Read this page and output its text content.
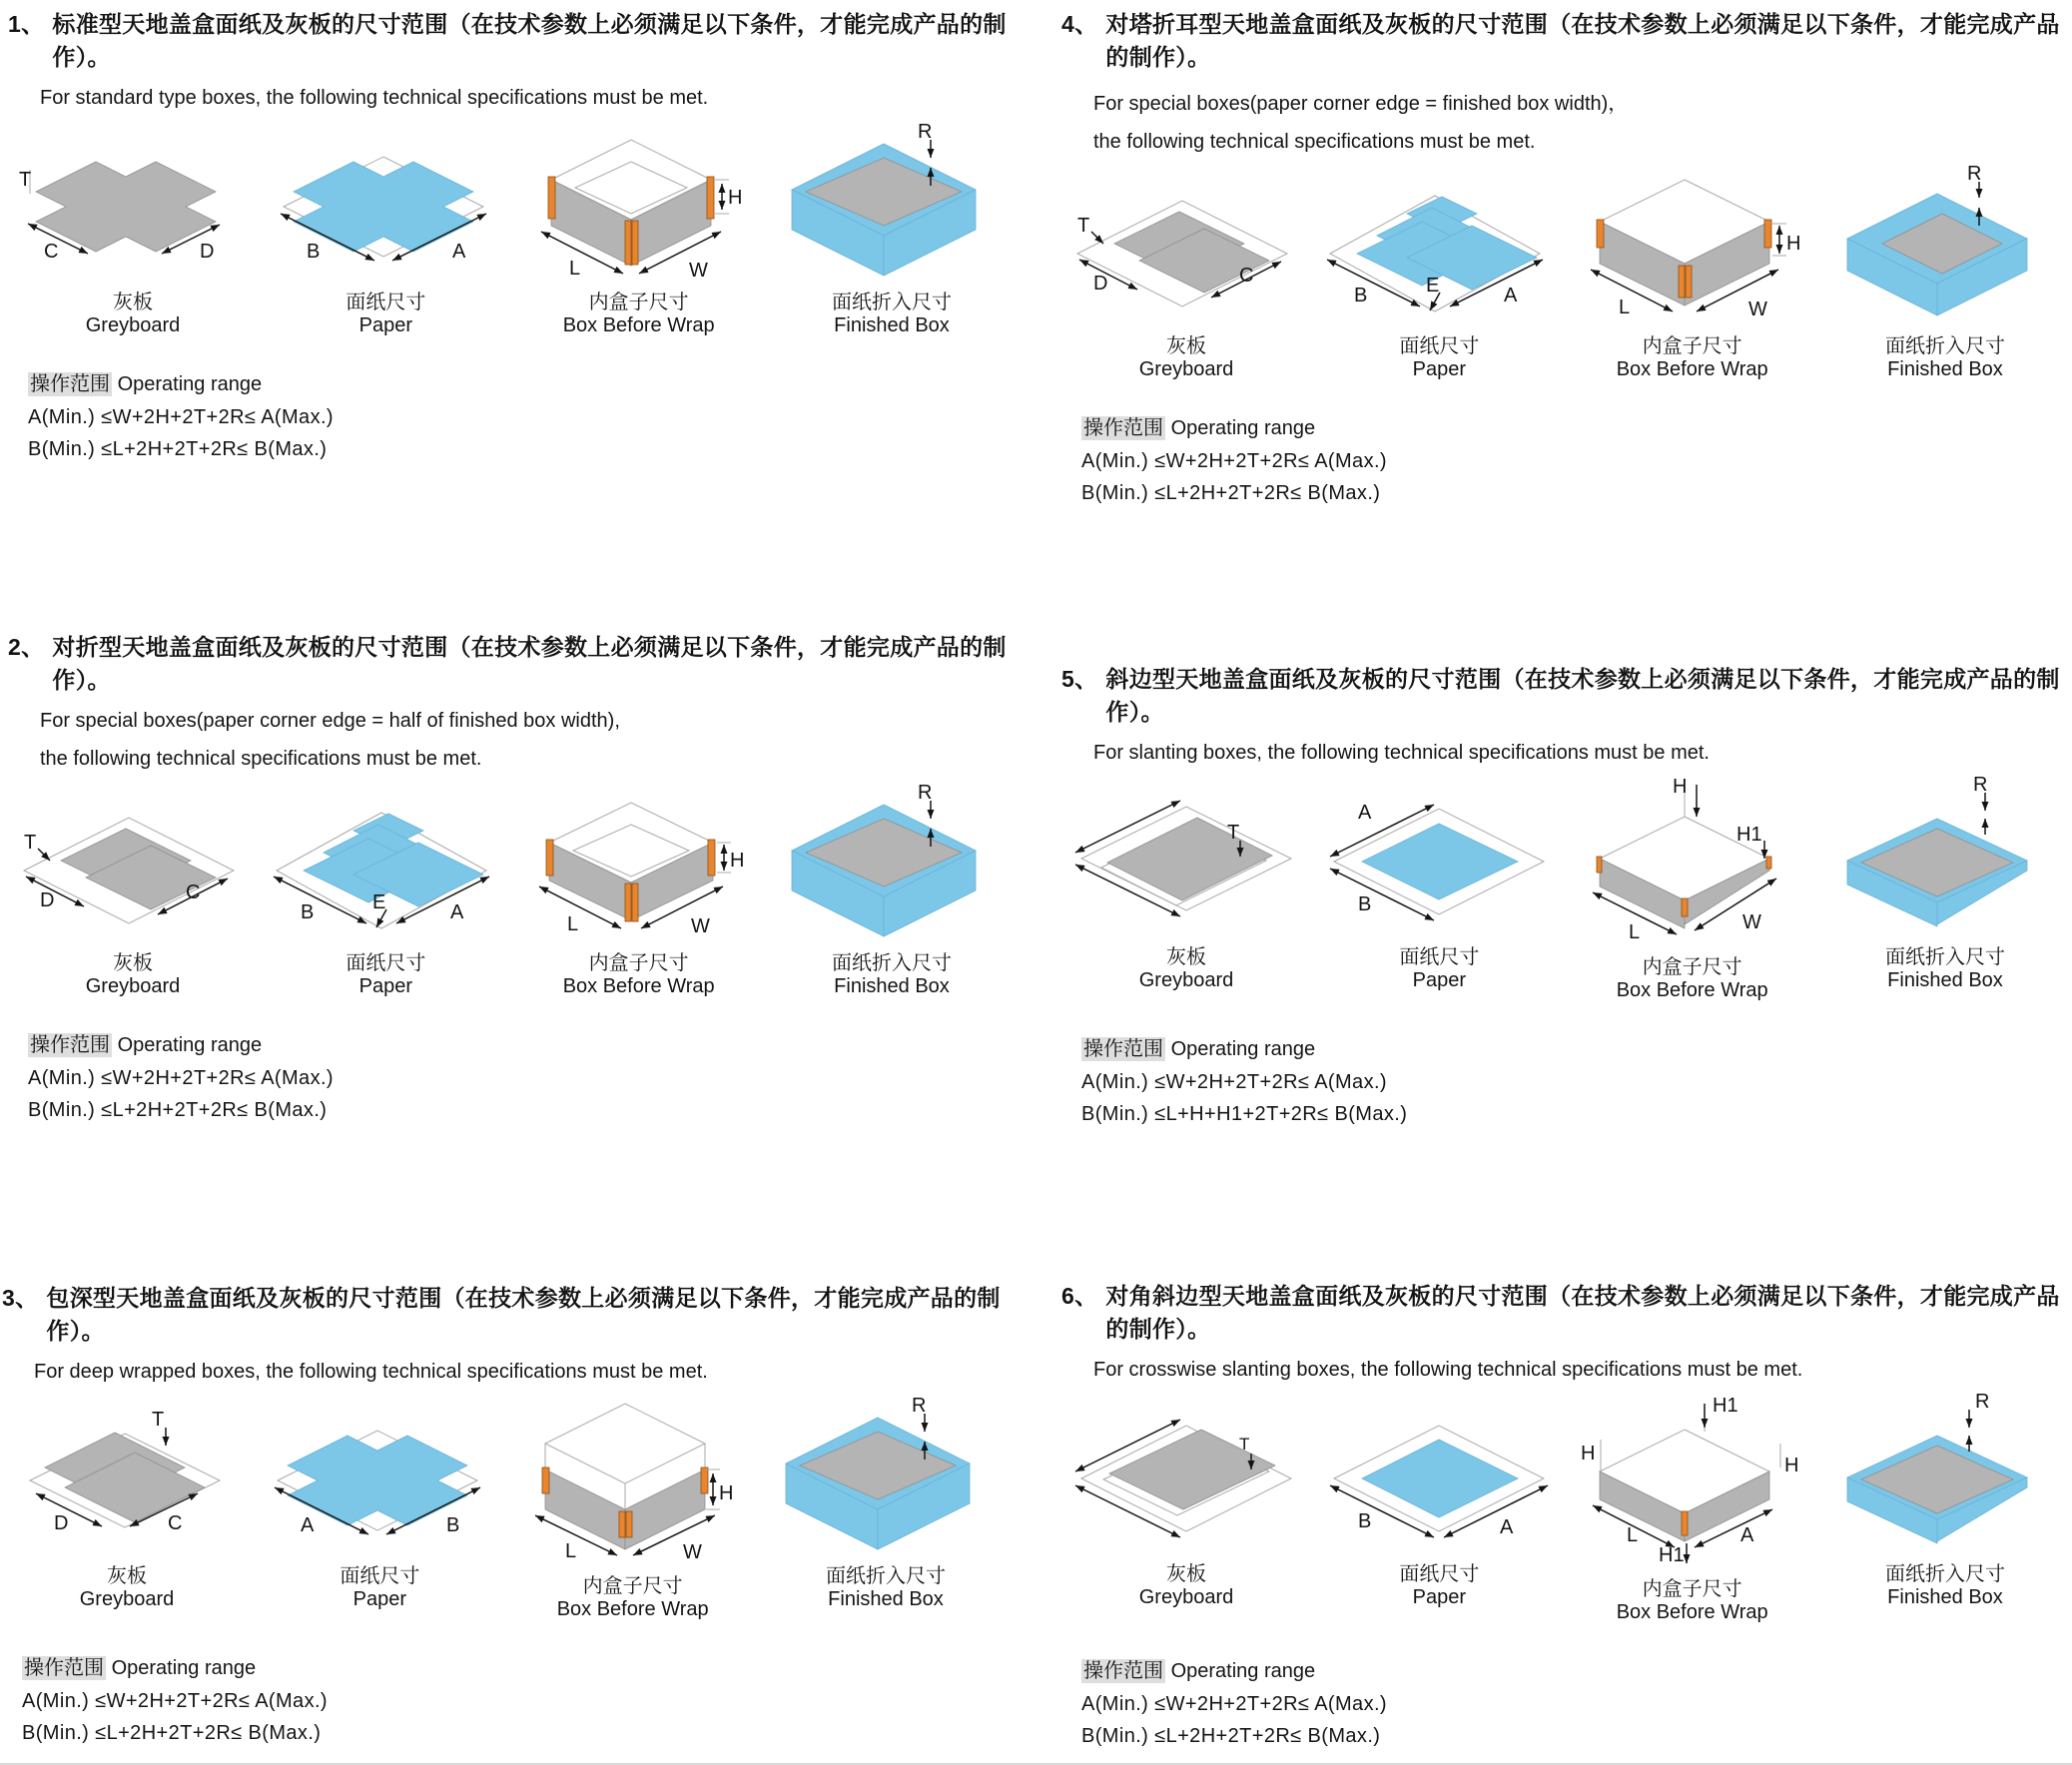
1、 标准型天地盖盒面纸及灰板的尺寸范围（在技术参数上必须满足以下条件，才能完成产品的制作）。
For standard type boxes, the following technical specifications must be met.
T
C	D
灰板
Greyboard
B	A
面纸尺寸
Paper
H
L	W
内盒子尺寸
Box Before Wrap
R
面纸折入尺寸
Finished Box
操作范围 Operating range
A(Min.) ≤W+2H+2T+2R≤ A(Max.)
B(Min.) ≤L+2H+2T+2R≤ B(Max.)
2、 对折型天地盖盒面纸及灰板的尺寸范围（在技术参数上必须满足以下条件，才能完成产品的制作）。
For special boxes(paper corner edge = half of finished box width),
the following technical specifications must be met.
T
D	C
灰板
Greyboard
B	E	A
面纸尺寸
Paper
H
L	W
内盒子尺寸
Box Before Wrap
R
面纸折入尺寸
Finished Box
操作范围 Operating range
A(Min.) ≤W+2H+2T+2R≤ A(Max.)
B(Min.) ≤L+2H+2T+2R≤ B(Max.)
3、 包深型天地盖盒面纸及灰板的尺寸范围（在技术参数上必须满足以下条件，才能完成产品的制作）。
For deep wrapped boxes, the following technical specifications must be met.
T
D	C
灰板
Greyboard
A	B
面纸尺寸
Paper
H
L	W
内盒子尺寸
Box Before Wrap
R
面纸折入尺寸
Finished Box
操作范围 Operating range
A(Min.) ≤W+2H+2T+2R≤ A(Max.)
B(Min.) ≤L+2H+2T+2R≤ B(Max.)
4、 对塔折耳型天地盖盒面纸及灰板的尺寸范围（在技术参数上必须满足以下条件，才能完成产品的制作）。
For special boxes(paper corner edge = finished box width)，
the following technical specifications must be met.
T
D	C
灰板
Greyboard
B	E	A
面纸尺寸
Paper
H
L	W
内盒子尺寸
Box Before Wrap
R
面纸折入尺寸
Finished Box
操作范围 Operating range
A(Min.) ≤W+2H+2T+2R≤ A(Max.)
B(Min.) ≤L+2H+2T+2R≤ B(Max.)
5、 斜边型天地盖盒面纸及灰板的尺寸范围（在技术参数上必须满足以下条件，才能完成产品的制作）。
For slanting boxes, the following technical specifications must be met.
T
灰板
Greyboard
A
B
面纸尺寸
Paper
H
H1
L	W
内盒子尺寸
Box Before Wrap
R
面纸折入尺寸
Finished Box
操作范围 Operating range
A(Min.) ≤W+2H+2T+2R≤ A(Max.)
B(Min.) ≤L+H+H1+2T+2R≤ B(Max.)
6、 对角斜边型天地盖盒面纸及灰板的尺寸范围（在技术参数上必须满足以下条件，才能完成产品的制作）。
For crosswise slanting boxes, the following technical specifications must be met.
T
灰板
Greyboard
B	A
面纸尺寸
Paper
H1
H
H
L	A
H1
内盒子尺寸
Box Before Wrap
R
面纸折入尺寸
Finished Box
操作范围 Operating range
A(Min.) ≤W+2H+2T+2R≤ A(Max.)
B(Min.) ≤L+2H+2T+2R≤ B(Max.)
